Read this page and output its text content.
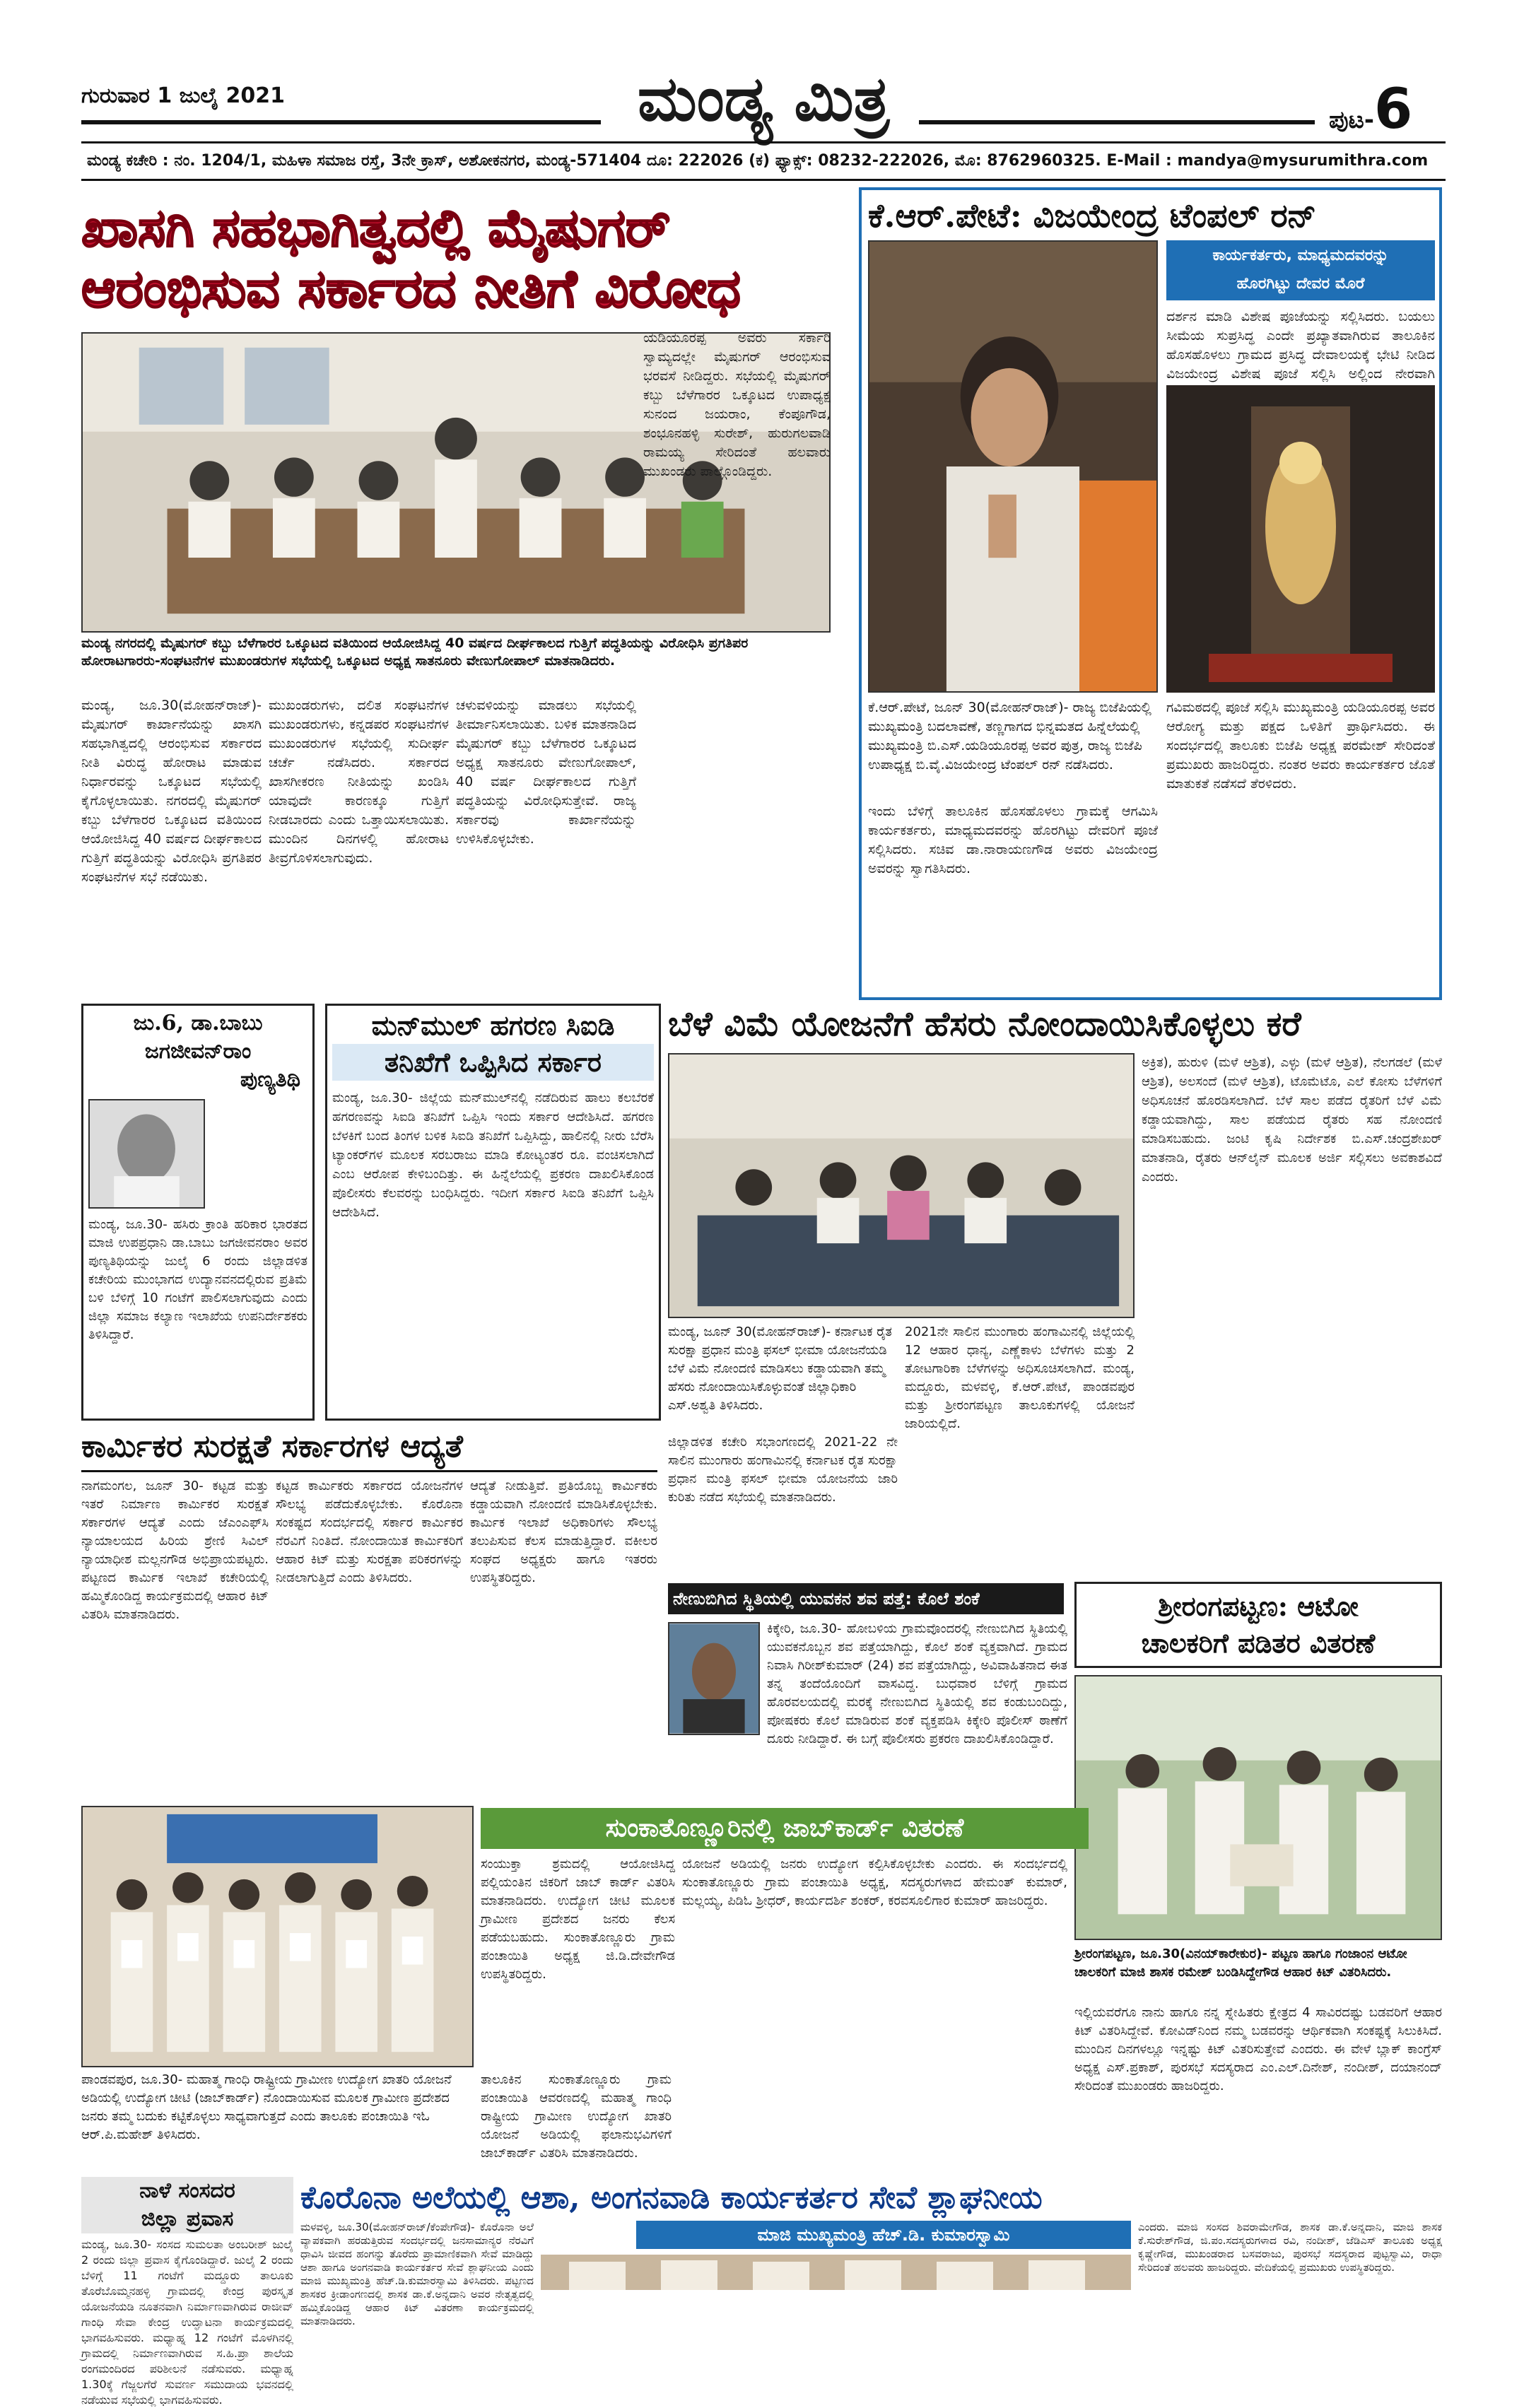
ಗುರುವಾರ 1 ಜುಲೈ 2021	ಮಂಡ್ಯ ಮಿತ್ರ	ಪುಟ-6
ಮಂಡ್ಯ ಕಚೇರಿ : ನಂ. 1204/1, ಮಹಿಳಾ ಸಮಾಜ ರಸ್ತೆ, 3ನೇ ಕ್ರಾಸ್, ಅಶೋಕನಗರ, ಮಂಡ್ಯ-571404 ದೂ: 222026 (ಕ) ಫ್ಯಾಕ್ಸ್: 08232-222026, ಮೊ: 8762960325. E-Mail : mandya@mysurumithra.com
ಖಾಸಗಿ ಸಹಭಾಗಿತ್ವದಲ್ಲಿ ಮೈಷುಗರ್
ಆರಂಭಿಸುವ ಸರ್ಕಾರದ ನೀತಿಗೆ ವಿರೋಧ
ಮಂಡ್ಯ ನಗರದಲ್ಲಿ ಮೈಷುಗರ್ ಕಬ್ಬು ಬೆಳೆಗಾರರ ಒಕ್ಕೂಟದ ವತಿಯಿಂದ ಆಯೋಜಿಸಿದ್ದ 40 ವರ್ಷದ ದೀರ್ಘಕಾಲದ ಗುತ್ತಿಗೆ ಪದ್ಧತಿಯನ್ನು ವಿರೋಧಿಸಿ ಪ್ರಗತಿಪರ ಹೋರಾಟಗಾರರು-ಸಂಘಟನೆಗಳ ಮುಖಂಡರುಗಳ ಸಭೆಯಲ್ಲಿ ಒಕ್ಕೂಟದ ಅಧ್ಯಕ್ಷ ಸಾತನೂರು ವೇಣುಗೋಪಾಲ್ ಮಾತನಾಡಿದರು.
ಮಂಡ್ಯ, ಜೂ.30(ಮೋಹನ್‌ರಾಜ್)- ಮೈಷುಗರ್ ಕಾರ್ಖಾನೆಯನ್ನು ಖಾಸಗಿ ಸಹಭಾಗಿತ್ವದಲ್ಲಿ ಆರಂಭಿಸುವ ಸರ್ಕಾರದ ನೀತಿ ವಿರುದ್ಧ ಹೋರಾಟ ಮಾಡುವ ನಿರ್ಧಾರವನ್ನು ಒಕ್ಕೂಟದ ಸಭೆಯಲ್ಲಿ ಕೈಗೊಳ್ಳಲಾಯಿತು. ನಗರದಲ್ಲಿ ಮೈಷುಗರ್ ಕಬ್ಬು ಬೆಳೆಗಾರರ ಒಕ್ಕೂಟದ ವತಿಯಿಂದ ಆಯೋಜಿಸಿದ್ದ 40 ವರ್ಷದ ದೀರ್ಘಕಾಲದ ಗುತ್ತಿಗೆ ಪದ್ಧತಿಯನ್ನು ವಿರೋಧಿಸಿ ಪ್ರಗತಿಪರ ಸಂಘಟನೆಗಳ ಸಭೆ ನಡೆಯಿತು.
ಮುಖಂಡರುಗಳು, ದಲಿತ ಸಂಘಟನೆಗಳ ಮುಖಂಡರುಗಳು, ಕನ್ನಡಪರ ಸಂಘಟನೆಗಳ ಮುಖಂಡರುಗಳ ಸಭೆಯಲ್ಲಿ ಸುದೀರ್ಘ ಚರ್ಚೆ ನಡೆಸಿದರು. ಸರ್ಕಾರದ ಖಾಸಗೀಕರಣ ನೀತಿಯನ್ನು ಖಂಡಿಸಿ ಯಾವುದೇ ಕಾರಣಕ್ಕೂ ಗುತ್ತಿಗೆ ನೀಡಬಾರದು ಎಂದು ಒತ್ತಾಯಿಸಲಾಯಿತು. ಮುಂದಿನ ದಿನಗಳಲ್ಲಿ ಹೋರಾಟ ತೀವ್ರಗೊಳಿಸಲಾಗುವುದು.
ಚಳುವಳಿಯನ್ನು ಮಾಡಲು ಸಭೆಯಲ್ಲಿ ತೀರ್ಮಾನಿಸಲಾಯಿತು. ಬಳಿಕ ಮಾತನಾಡಿದ ಮೈಷುಗರ್ ಕಬ್ಬು ಬೆಳೆಗಾರರ ಒಕ್ಕೂಟದ ಅಧ್ಯಕ್ಷ ಸಾತನೂರು ವೇಣುಗೋಪಾಲ್, 40 ವರ್ಷ ದೀರ್ಘಕಾಲದ ಗುತ್ತಿಗೆ ಪದ್ಧತಿಯನ್ನು ವಿರೋಧಿಸುತ್ತೇವೆ. ರಾಜ್ಯ ಸರ್ಕಾರವು ಕಾರ್ಖಾನೆಯನ್ನು ಉಳಿಸಿಕೊಳ್ಳಬೇಕು.
ಯಡಿಯೂರಪ್ಪ ಅವರು ಸರ್ಕಾರಿ ಸ್ವಾಮ್ಯದಲ್ಲೇ ಮೈಷುಗರ್ ಆರಂಭಿಸುವ ಭರವಸೆ ನೀಡಿದ್ದರು. ಸಭೆಯಲ್ಲಿ ಮೈಷುಗರ್ ಕಬ್ಬು ಬೆಳೆಗಾರರ ಒಕ್ಕೂಟದ ಉಪಾಧ್ಯಕ್ಷ ಸುನಂದ ಜಯರಾಂ, ಕೆಂಪೂಗೌಡ, ಶಂಭೂನಹಳ್ಳಿ ಸುರೇಶ್, ಹುರುಗಲವಾಡಿ ರಾಮಯ್ಯ ಸೇರಿದಂತೆ ಹಲವಾರು ಮುಖಂಡರು ಪಾಲ್ಗೊಂಡಿದ್ದರು.
ಕೆ.ಆರ್.ಪೇಟೆ: ವಿಜಯೇಂದ್ರ ಟೆಂಪಲ್ ರನ್
ಕಾರ್ಯಕರ್ತರು, ಮಾಧ್ಯಮದವರನ್ನು
ಹೊರಗಿಟ್ಟು ದೇವರ ಮೊರೆ
ದರ್ಶನ ಮಾಡಿ ವಿಶೇಷ ಪೂಜೆಯನ್ನು ಸಲ್ಲಿಸಿದರು. ಬಯಲು ಸೀಮೆಯ ಸುಪ್ರಸಿದ್ಧ ಎಂದೇ ಪ್ರಖ್ಯಾತವಾಗಿರುವ ತಾಲೂಕಿನ ಹೊಸಹೊಳಲು ಗ್ರಾಮದ ಪ್ರಸಿದ್ಧ ದೇವಾಲಯಕ್ಕೆ ಭೇಟಿ ನೀಡಿದ ವಿಜಯೇಂದ್ರ ವಿಶೇಷ ಪೂಜೆ ಸಲ್ಲಿಸಿ ಅಲ್ಲಿಂದ ನೇರವಾಗಿ
ಕೆ.ಆರ್.ಪೇಟೆ, ಜೂನ್ 30(ಮೋಹನ್‌ರಾಜ್)- ರಾಜ್ಯ ಬಿಜೆಪಿಯಲ್ಲಿ ಮುಖ್ಯಮಂತ್ರಿ ಬದಲಾವಣೆ, ತಣ್ಣಗಾಗದ ಭಿನ್ನಮತದ ಹಿನ್ನೆಲೆಯಲ್ಲಿ ಮುಖ್ಯಮಂತ್ರಿ ಬಿ.ಎಸ್.ಯಡಿಯೂರಪ್ಪ ಅವರ ಪುತ್ರ, ರಾಜ್ಯ ಬಿಜೆಪಿ ಉಪಾಧ್ಯಕ್ಷ ಬಿ.ವೈ.ವಿಜಯೇಂದ್ರ ಟೆಂಪಲ್ ರನ್ ನಡೆಸಿದರು.
ಇಂದು ಬೆಳಿಗ್ಗೆ ತಾಲೂಕಿನ ಹೊಸಹೊಳಲು ಗ್ರಾಮಕ್ಕೆ ಆಗಮಿಸಿ ಕಾರ್ಯಕರ್ತರು, ಮಾಧ್ಯಮದವರನ್ನು ಹೊರಗಿಟ್ಟು ದೇವರಿಗೆ ಪೂಜೆ ಸಲ್ಲಿಸಿದರು. ಸಚಿವ ಡಾ.ನಾರಾಯಣಗೌಡ ಅವರು ವಿಜಯೇಂದ್ರ ಅವರನ್ನು ಸ್ವಾಗತಿಸಿದರು.
ಗವಿಮಠದಲ್ಲಿ ಪೂಜೆ ಸಲ್ಲಿಸಿ ಮುಖ್ಯಮಂತ್ರಿ ಯಡಿಯೂರಪ್ಪ ಅವರ ಆರೋಗ್ಯ ಮತ್ತು ಪಕ್ಷದ ಒಳಿತಿಗೆ ಪ್ರಾರ್ಥಿಸಿದರು. ಈ ಸಂದರ್ಭದಲ್ಲಿ ತಾಲೂಕು ಬಿಜೆಪಿ ಅಧ್ಯಕ್ಷ ಪರಮೇಶ್ ಸೇರಿದಂತೆ ಪ್ರಮುಖರು ಹಾಜರಿದ್ದರು. ನಂತರ ಅವರು ಕಾರ್ಯಕರ್ತರ ಜೊತೆ ಮಾತುಕತೆ ನಡೆಸದೆ ತೆರಳಿದರು.
ಜು.6, ಡಾ.ಬಾಬು
ಜಗಜೀವನ್‌ರಾಂ
ಪುಣ್ಯತಿಥಿ
ಮಂಡ್ಯ, ಜೂ.30- ಹಸಿರು ಕ್ರಾಂತಿ ಹರಿಕಾರ ಭಾರತದ ಮಾಜಿ ಉಪಪ್ರಧಾನಿ ಡಾ.ಬಾಬು ಜಗಜೀವನರಾಂ ಅವರ ಪುಣ್ಯತಿಥಿಯನ್ನು ಜುಲೈ 6 ರಂದು ಜಿಲ್ಲಾಡಳಿತ ಕಚೇರಿಯ ಮುಂಭಾಗದ ಉದ್ಯಾನವನದಲ್ಲಿರುವ ಪ್ರತಿಮೆ ಬಳಿ ಬೆಳಿಗ್ಗೆ 10 ಗಂಟೆಗೆ ಪಾಲಿಸಲಾಗುವುದು ಎಂದು ಜಿಲ್ಲಾ ಸಮಾಜ ಕಲ್ಯಾಣ ಇಲಾಖೆಯ ಉಪನಿರ್ದೇಶಕರು ತಿಳಿಸಿದ್ದಾರೆ.
ಮನ್‌ಮುಲ್ ಹಗರಣ ಸಿಐಡಿ
ತನಿಖೆಗೆ ಒಪ್ಪಿಸಿದ ಸರ್ಕಾರ
ಮಂಡ್ಯ, ಜೂ.30- ಜಿಲ್ಲೆಯ ಮನ್‌ಮುಲ್‌ನಲ್ಲಿ ನಡೆದಿರುವ ಹಾಲು ಕಲಬೆರಕೆ ಹಗರಣವನ್ನು ಸಿಐಡಿ ತನಿಖೆಗೆ ಒಪ್ಪಿಸಿ ಇಂದು ಸರ್ಕಾರ ಆದೇಶಿಸಿದೆ. ಹಗರಣ ಬೆಳಕಿಗೆ ಬಂದ ತಿಂಗಳ ಬಳಿಕ ಸಿಐಡಿ ತನಿಖೆಗೆ ಒಪ್ಪಿಸಿದ್ದು, ಹಾಲಿನಲ್ಲಿ ನೀರು ಬೆರೆಸಿ ಟ್ಯಾಂಕರ್‌ಗಳ ಮೂಲಕ ಸರಬರಾಜು ಮಾಡಿ ಕೋಟ್ಯಂತರ ರೂ. ವಂಚಿಸಲಾಗಿದೆ ಎಂಬ ಆರೋಪ ಕೇಳಿಬಂದಿತ್ತು. ಈ ಹಿನ್ನೆಲೆಯಲ್ಲಿ ಪ್ರಕರಣ ದಾಖಲಿಸಿಕೊಂಡ ಪೊಲೀಸರು ಕೆಲವರನ್ನು ಬಂಧಿಸಿದ್ದರು. ಇದೀಗ ಸರ್ಕಾರ ಸಿಐಡಿ ತನಿಖೆಗೆ ಒಪ್ಪಿಸಿ ಆದೇಶಿಸಿದೆ.
ಬೆಳೆ ವಿಮೆ ಯೋಜನೆಗೆ ಹೆಸರು ನೋಂದಾಯಿಸಿಕೊಳ್ಳಲು ಕರೆ
ಮಂಡ್ಯ, ಜೂನ್ 30(ಮೋಹನ್‌ರಾಜ್)- ಕರ್ನಾಟಕ ರೈತ ಸುರಕ್ಷಾ ಪ್ರಧಾನ ಮಂತ್ರಿ ಫಸಲ್ ಭೀಮಾ ಯೋಜನೆಯಡಿ ಬೆಳೆ ವಿಮೆ ನೋಂದಣಿ ಮಾಡಿಸಲು ಕಡ್ಡಾಯವಾಗಿ ತಮ್ಮ ಹೆಸರು ನೋಂದಾಯಿಸಿಕೊಳ್ಳುವಂತೆ ಜಿಲ್ಲಾಧಿಕಾರಿ ಎಸ್.ಅಶ್ವತಿ ತಿಳಿಸಿದರು.
ಜಿಲ್ಲಾಡಳಿತ ಕಚೇರಿ ಸಭಾಂಗಣದಲ್ಲಿ 2021-22 ನೇ ಸಾಲಿನ ಮುಂಗಾರು ಹಂಗಾಮಿನಲ್ಲಿ ಕರ್ನಾಟಕ ರೈತ ಸುರಕ್ಷಾ ಪ್ರಧಾನ ಮಂತ್ರಿ ಫಸಲ್ ಭೀಮಾ ಯೋಜನೆಯ ಜಾರಿ ಕುರಿತು ನಡೆದ ಸಭೆಯಲ್ಲಿ ಮಾತನಾಡಿದರು.
2021ನೇ ಸಾಲಿನ ಮುಂಗಾರು ಹಂಗಾಮಿನಲ್ಲಿ ಜಿಲ್ಲೆಯಲ್ಲಿ 12 ಆಹಾರ ಧಾನ್ಯ, ಎಣ್ಣೆಕಾಳು ಬೆಳೆಗಳು ಮತ್ತು 2 ತೋಟಗಾರಿಕಾ ಬೆಳೆಗಳನ್ನು ಅಧಿಸೂಚಿಸಲಾಗಿದೆ. ಮಂಡ್ಯ, ಮದ್ದೂರು, ಮಳವಳ್ಳಿ, ಕೆ.ಆರ್.ಪೇಟೆ, ಪಾಂಡವಪುರ ಮತ್ತು ಶ್ರೀರಂಗಪಟ್ಟಣ ತಾಲೂಕುಗಳಲ್ಲಿ ಯೋಜನೆ ಜಾರಿಯಲ್ಲಿದೆ.
ಅಕ್ರಿತ), ಹುರುಳಿ (ಮಳೆ ಆಶ್ರಿತ), ಎಳ್ಳು (ಮಳೆ ಆಶ್ರಿತ), ನೆಲಗಡಲೆ (ಮಳೆ ಆಶ್ರಿತ), ಅಲಸಂದೆ (ಮಳೆ ಆಶ್ರಿತ), ಟೊಮೆಟೊ, ಎಲೆ ಕೋಸು ಬೆಳೆಗಳಿಗೆ ಅಧಿಸೂಚನೆ ಹೊರಡಿಸಲಾಗಿದೆ. ಬೆಳೆ ಸಾಲ ಪಡೆದ ರೈತರಿಗೆ ಬೆಳೆ ವಿಮೆ ಕಡ್ಡಾಯವಾಗಿದ್ದು, ಸಾಲ ಪಡೆಯದ ರೈತರು ಸಹ ನೋಂದಣಿ ಮಾಡಿಸಬಹುದು. ಜಂಟಿ ಕೃಷಿ ನಿರ್ದೇಶಕ ಬಿ.ಎಸ್.ಚಂದ್ರಶೇಖರ್ ಮಾತನಾಡಿ, ರೈತರು ಆನ್‌ಲೈನ್ ಮೂಲಕ ಅರ್ಜಿ ಸಲ್ಲಿಸಲು ಅವಕಾಶವಿದೆ ಎಂದರು.
ಕಾರ್ಮಿಕರ ಸುರಕ್ಷತೆ ಸರ್ಕಾರಗಳ ಆದ್ಯತೆ
ನಾಗಮಂಗಲ, ಜೂನ್ 30- ಕಟ್ಟಡ ಮತ್ತು ಇತರೆ ನಿರ್ಮಾಣ ಕಾರ್ಮಿಕರ ಸುರಕ್ಷತೆ ಸರ್ಕಾರಗಳ ಆದ್ಯತೆ ಎಂದು ಜೆಎಂಎಫ್‌ಸಿ ನ್ಯಾಯಾಲಯದ ಹಿರಿಯ ಶ್ರೇಣಿ ಸಿವಿಲ್ ನ್ಯಾಯಾಧೀಶ ಮಲ್ಲನಗೌಡ ಅಭಿಪ್ರಾಯಪಟ್ಟರು. ಪಟ್ಟಣದ ಕಾರ್ಮಿಕ ಇಲಾಖೆ ಕಚೇರಿಯಲ್ಲಿ ಹಮ್ಮಿಕೊಂಡಿದ್ದ ಕಾರ್ಯಕ್ರಮದಲ್ಲಿ ಆಹಾರ ಕಿಟ್ ವಿತರಿಸಿ ಮಾತನಾಡಿದರು.
ಕಟ್ಟಡ ಕಾರ್ಮಿಕರು ಸರ್ಕಾರದ ಯೋಜನೆಗಳ ಸೌಲಭ್ಯ ಪಡೆದುಕೊಳ್ಳಬೇಕು. ಕೊರೊನಾ ಸಂಕಷ್ಟದ ಸಂದರ್ಭದಲ್ಲಿ ಸರ್ಕಾರ ಕಾರ್ಮಿಕರ ನೆರವಿಗೆ ನಿಂತಿದೆ. ನೋಂದಾಯಿತ ಕಾರ್ಮಿಕರಿಗೆ ಆಹಾರ ಕಿಟ್ ಮತ್ತು ಸುರಕ್ಷತಾ ಪರಿಕರಗಳನ್ನು ನೀಡಲಾಗುತ್ತಿದೆ ಎಂದು ತಿಳಿಸಿದರು.
ಆದ್ಯತೆ ನೀಡುತ್ತಿವೆ. ಪ್ರತಿಯೊಬ್ಬ ಕಾರ್ಮಿಕರು ಕಡ್ಡಾಯವಾಗಿ ನೋಂದಣಿ ಮಾಡಿಸಿಕೊಳ್ಳಬೇಕು. ಕಾರ್ಮಿಕ ಇಲಾಖೆ ಅಧಿಕಾರಿಗಳು ಸೌಲಭ್ಯ ತಲುಪಿಸುವ ಕೆಲಸ ಮಾಡುತ್ತಿದ್ದಾರೆ. ವಕೀಲರ ಸಂಘದ ಅಧ್ಯಕ್ಷರು ಹಾಗೂ ಇತರರು ಉಪಸ್ಥಿತರಿದ್ದರು.
ನೇಣುಬಿಗಿದ ಸ್ಥಿತಿಯಲ್ಲಿ ಯುವಕನ ಶವ ಪತ್ತೆ: ಕೊಲೆ ಶಂಕೆ
ಕಿಕ್ಕೇರಿ, ಜೂ.30- ಹೋಬಳಿಯ ಗ್ರಾಮವೊಂದರಲ್ಲಿ ನೇಣುಬಿಗಿದ ಸ್ಥಿತಿಯಲ್ಲಿ ಯುವಕನೊಬ್ಬನ ಶವ ಪತ್ತೆಯಾಗಿದ್ದು, ಕೊಲೆ ಶಂಕೆ ವ್ಯಕ್ತವಾಗಿದೆ. ಗ್ರಾಮದ ನಿವಾಸಿ ಗಿರೀಶ್‌ಕುಮಾರ್ (24) ಶವ ಪತ್ತೆಯಾಗಿದ್ದು, ಅವಿವಾಹಿತನಾದ ಈತ ತನ್ನ ತಂದೆಯೊಂದಿಗೆ ವಾಸವಿದ್ದ. ಬುಧವಾರ ಬೆಳಿಗ್ಗೆ ಗ್ರಾಮದ ಹೊರವಲಯದಲ್ಲಿ ಮರಕ್ಕೆ ನೇಣುಬಿಗಿದ ಸ್ಥಿತಿಯಲ್ಲಿ ಶವ ಕಂಡುಬಂದಿದ್ದು, ಪೋಷಕರು ಕೊಲೆ ಮಾಡಿರುವ ಶಂಕೆ ವ್ಯಕ್ತಪಡಿಸಿ ಕಿಕ್ಕೇರಿ ಪೊಲೀಸ್ ಠಾಣೆಗೆ ದೂರು ನೀಡಿದ್ದಾರೆ. ಈ ಬಗ್ಗೆ ಪೊಲೀಸರು ಪ್ರಕರಣ ದಾಖಲಿಸಿಕೊಂಡಿದ್ದಾರೆ.
ಶ್ರೀರಂಗಪಟ್ಟಣ: ಆಟೋ
ಚಾಲಕರಿಗೆ ಪಡಿತರ ವಿತರಣೆ
ಶ್ರೀರಂಗಪಟ್ಟಣ, ಜೂ.30(ವಿನಯ್‌ಕಾರೇಕುರ)- ಪಟ್ಟಣ ಹಾಗೂ ಗಂಜಾಂನ ಆಟೋ ಚಾಲಕರಿಗೆ ಮಾಜಿ ಶಾಸಕ ರಮೇಶ್ ಬಂಡಿಸಿದ್ದೇಗೌಡ ಆಹಾರ ಕಿಟ್ ವಿತರಿಸಿದರು.
ಇಲ್ಲಿಯವರೆಗೂ ನಾನು ಹಾಗೂ ನನ್ನ ಸ್ನೇಹಿತರು ಕ್ಷೇತ್ರದ 4 ಸಾವಿರದಷ್ಟು ಬಡವರಿಗೆ ಆಹಾರ ಕಿಟ್ ವಿತರಿಸಿದ್ದೇವೆ. ಕೋವಿಡ್‌ನಿಂದ ನಮ್ಮ ಬಡವರನ್ನು ಆರ್ಥಿಕವಾಗಿ ಸಂಕಷ್ಟಕ್ಕೆ ಸಿಲುಕಿಸಿದೆ. ಮುಂದಿನ ದಿನಗಳಲ್ಲೂ ಇನ್ನಷ್ಟು ಕಿಟ್ ವಿತರಿಸುತ್ತೇವೆ ಎಂದರು. ಈ ವೇಳೆ ಬ್ಲಾಕ್ ಕಾಂಗ್ರೆಸ್ ಅಧ್ಯಕ್ಷ ಎಸ್.ಪ್ರಕಾಶ್, ಪುರಸಭೆ ಸದಸ್ಯರಾದ ಎಂ.ಎಲ್.ದಿನೇಶ್, ನಂದೀಶ್, ದಯಾನಂದ್ ಸೇರಿದಂತೆ ಮುಖಂಡರು ಹಾಜರಿದ್ದರು.
ಸುಂಕಾತೊಣ್ಣೂರಿನಲ್ಲಿ ಜಾಬ್‌ಕಾರ್ಡ್ ವಿತರಣೆ
ಪಾಂಡವಪುರ, ಜೂ.30- ಮಹಾತ್ಮ ಗಾಂಧಿ ರಾಷ್ಟ್ರೀಯ ಗ್ರಾಮೀಣ ಉದ್ಯೋಗ ಖಾತರಿ ಯೋಜನೆ ಅಡಿಯಲ್ಲಿ ಉದ್ಯೋಗ ಚೀಟಿ (ಜಾಬ್‌ಕಾರ್ಡ್) ನೊಂದಾಯಿಸುವ ಮೂಲಕ ಗ್ರಾಮೀಣ ಪ್ರದೇಶದ ಜನರು ತಮ್ಮ ಬದುಕು ಕಟ್ಟಿಕೊಳ್ಳಲು ಸಾಧ್ಯವಾಗುತ್ತದೆ ಎಂದು ತಾಲೂಕು ಪಂಚಾಯಿತಿ ಇಓ ಆರ್.ಪಿ.ಮಹೇಶ್ ತಿಳಿಸಿದರು.
ತಾಲೂಕಿನ ಸುಂಕಾತೊಣ್ಣೂರು ಗ್ರಾಮ ಪಂಚಾಯಿತಿ ಆವರಣದಲ್ಲಿ ಮಹಾತ್ಮ ಗಾಂಧಿ ರಾಷ್ಟ್ರೀಯ ಗ್ರಾಮೀಣ ಉದ್ಯೋಗ ಖಾತರಿ ಯೋಜನೆ ಅಡಿಯಲ್ಲಿ ಫಲಾನುಭವಿಗಳಿಗೆ ಜಾಬ್‌ಕಾರ್ಡ್ ವಿತರಿಸಿ ಮಾತನಾಡಿದರು.
ಸಂಯುಕ್ತಾ ಶ್ರಮದಲ್ಲಿ ಆಯೋಜಿಸಿದ್ದ ಪಲ್ಲಿಯಂತಿನ ಜಿಕರಿಗೆ ಜಾಬ್ ಕಾರ್ಡ್ ವಿತರಿಸಿ ಮಾತನಾಡಿದರು. ಉದ್ಯೋಗ ಚೀಟಿ ಮೂಲಕ ಗ್ರಾಮೀಣ ಪ್ರದೇಶದ ಜನರು ಕೆಲಸ ಪಡೆಯಬಹುದು. ಸುಂಕಾತೊಣ್ಣೂರು ಗ್ರಾಮ ಪಂಚಾಯಿತಿ ಅಧ್ಯಕ್ಷ ಜಿ.ಡಿ.ದೇವೇಗೌಡ ಉಪಸ್ಥಿತರಿದ್ದರು.
ಯೋಜನೆ ಅಡಿಯಲ್ಲಿ ಜನರು ಉದ್ಯೋಗ ಕಲ್ಪಿಸಿಕೊಳ್ಳಬೇಕು ಎಂದರು. ಈ ಸಂದರ್ಭದಲ್ಲಿ ಸುಂಕಾತೊಣ್ಣೂರು ಗ್ರಾಮ ಪಂಚಾಯಿತಿ ಅಧ್ಯಕ್ಷ, ಸದಸ್ಯರುಗಳಾದ ಹೇಮಂತ್ ಕುಮಾರ್, ಮಲ್ಲಯ್ಯ, ಪಿಡಿಓ ಶ್ರೀಧರ್, ಕಾರ್ಯದರ್ಶಿ ಶಂಕರ್, ಕರವಸೂಲಿಗಾರ ಕುಮಾರ್ ಹಾಜರಿದ್ದರು.
ನಾಳೆ ಸಂಸದರ
ಜಿಲ್ಲಾ ಪ್ರವಾಸ
ಮಂಡ್ಯ, ಜೂ.30- ಸಂಸದ ಸುಮಲತಾ ಅಂಬರೀಶ್ ಜುಲೈ 2 ರಂದು ಜಿಲ್ಲಾ ಪ್ರವಾಸ ಕೈಗೊಂಡಿದ್ದಾರೆ. ಜುಲೈ 2 ರಂದು ಬೆಳಿಗ್ಗೆ 11 ಗಂಟೆಗೆ ಮದ್ದೂರು ತಾಲೂಕು ತೊರೆಬೊಮ್ಮನಹಳ್ಳಿ ಗ್ರಾಮದಲ್ಲಿ ಕೇಂದ್ರ ಪುರಸ್ಕೃತ ಯೋಜನೆಯಡಿ ನೂತನವಾಗಿ ನಿರ್ಮಾಣವಾಗಿರುವ ರಾಜೀವ್ ಗಾಂಧಿ ಸೇವಾ ಕೇಂದ್ರ ಉದ್ಘಾಟನಾ ಕಾರ್ಯಕ್ರಮದಲ್ಲಿ ಭಾಗವಹಿಸುವರು. ಮಧ್ಯಾಹ್ನ 12 ಗಂಟೆಗೆ ಮೊಳಗಿನಲ್ಲಿ ಗ್ರಾಮದಲ್ಲಿ ನಿರ್ಮಾಣವಾಗಿರುವ ಸ.ಹಿ.ಪ್ರಾ ಶಾಲೆಯ ರಂಗಮಂದಿರದ ಪರಿಶೀಲನೆ ನಡೆಸುವರು. ಮಧ್ಯಾಹ್ನ 1.30ಕ್ಕೆ ಗೆಜ್ಜಲಗೆರೆ ಸುವರ್ಣ ಸಮುದಾಯ ಭವನದಲ್ಲಿ ನಡೆಯುವ ಸಭೆಯಲ್ಲಿ ಭಾಗವಹಿಸುವರು.
ಕೊರೊನಾ ಅಲೆಯಲ್ಲಿ ಆಶಾ, ಅಂಗನವಾಡಿ ಕಾರ್ಯಕರ್ತರ ಸೇವೆ ಶ್ಲಾಘನೀಯ
ಮಾಜಿ ಮುಖ್ಯಮಂತ್ರಿ ಹೆಚ್.ಡಿ. ಕುಮಾರಸ್ವಾಮಿ
ಮಳವಳ್ಳಿ, ಜೂ.30(ಮೋಹನ್‌ರಾಜ್/ಕೆಂಪೇಗೌಡ)- ಕೊರೊನಾ ಅಲೆ ವ್ಯಾಪಕವಾಗಿ ಹರಡುತ್ತಿರುವ ಸಂದರ್ಭದಲ್ಲಿ ಜನಸಾಮಾನ್ಯರ ನೆರವಿಗೆ ಧಾವಿಸಿ ಜೀವದ ಹಂಗನ್ನು ತೊರೆದು ಪ್ರಾಮಾಣಿಕವಾಗಿ ಸೇವೆ ಮಾಡಿದ್ದು ಆಶಾ ಹಾಗೂ ಅಂಗನವಾಡಿ ಕಾರ್ಯಕರ್ತರ ಸೇವೆ ಶ್ಲಾಘನೀಯ ಎಂದು ಮಾಜಿ ಮುಖ್ಯಮಂತ್ರಿ ಹೆಚ್.ಡಿ.ಕುಮಾರಸ್ವಾಮಿ ತಿಳಿಸಿದರು. ಪಟ್ಟಣದ ಶಾಸಕರ ಕ್ರೀಡಾಂಗಣದಲ್ಲಿ ಶಾಸಕ ಡಾ.ಕೆ.ಅನ್ನದಾನಿ ಅವರ ನೇತೃತ್ವದಲ್ಲಿ ಹಮ್ಮಿಕೊಂಡಿದ್ದ ಆಹಾರ ಕಿಟ್ ವಿತರಣಾ ಕಾರ್ಯಕ್ರಮದಲ್ಲಿ ಮಾತನಾಡಿದರು.
ಎಂದರು. ಮಾಜಿ ಸಂಸದ ಶಿವರಾಮೇಗೌಡ, ಶಾಸಕ ಡಾ.ಕೆ.ಅನ್ನದಾನಿ, ಮಾಜಿ ಶಾಸಕ ಕೆ.ಸುರೇಶ್‌ಗೌಡ, ಜಿ.ಪಂ.ಸದಸ್ಯರುಗಳಾದ ರವಿ, ನಂದೀಶ್, ಜೆಡಿಎಸ್ ತಾಲೂಕು ಅಧ್ಯಕ್ಷ ಕೃಷ್ಣೇಗೌಡ, ಮುಖಂಡರಾದ ಬಸವರಾಜು, ಪುರಸಭೆ ಸದಸ್ಯರಾದ ಪುಟ್ಟಸ್ವಾಮಿ, ರಾಧಾ ಸೇರಿದಂತೆ ಹಲವರು ಹಾಜರಿದ್ದರು. ವೇದಿಕೆಯಲ್ಲಿ ಪ್ರಮುಖರು ಉಪಸ್ಥಿತರಿದ್ದರು.
